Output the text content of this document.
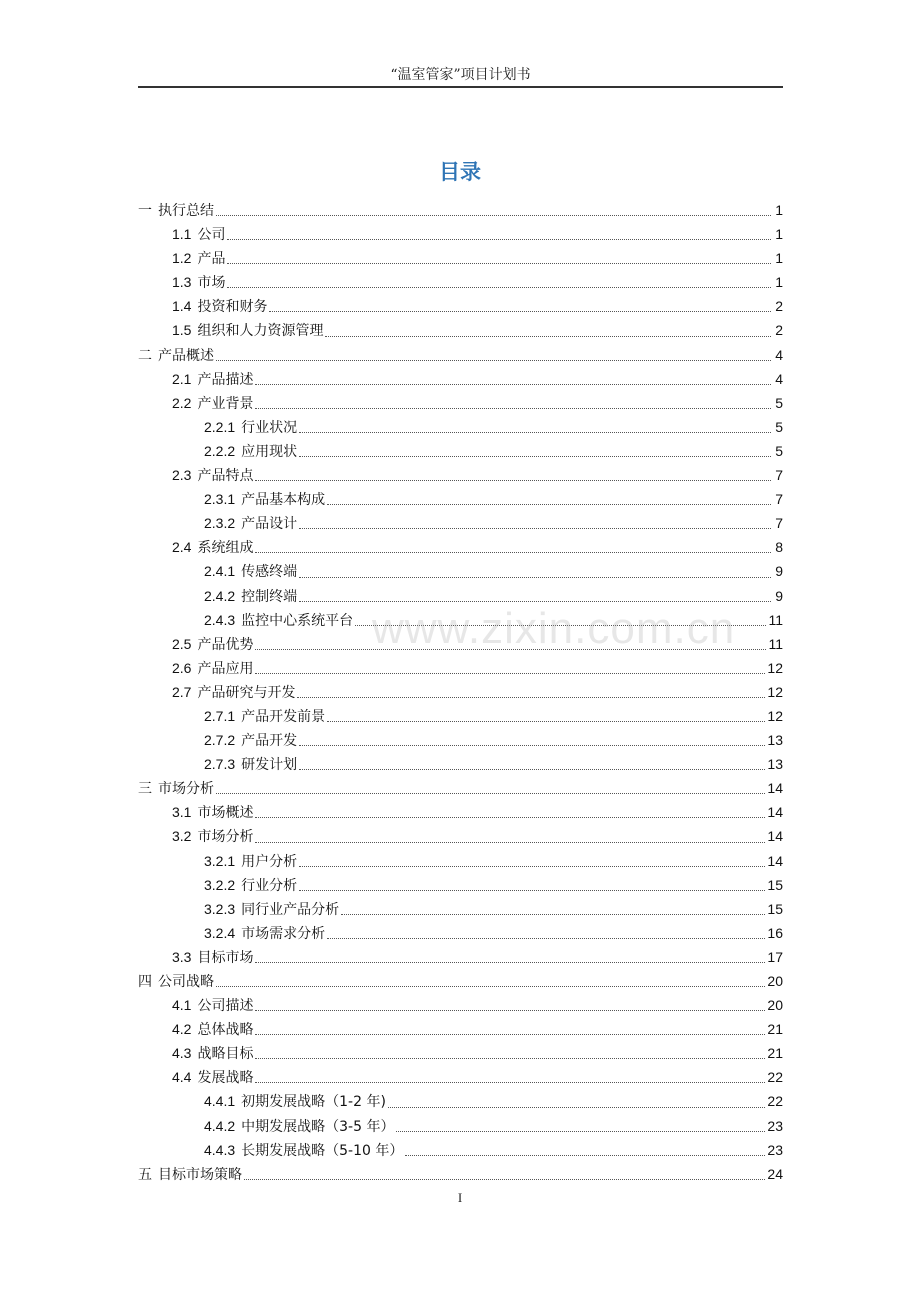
“温室管家”项目计划书
目录
一 执行总结	1
1.1 公司	1
1.2 产品	1
1.3 市场	1
1.4 投资和财务	2
1.5 组织和人力资源管理	2
二 产品概述	4
2.1 产品描述	4
2.2 产业背景	5
2.2.1 行业状况	5
2.2.2 应用现状	5
2.3 产品特点	7
2.3.1 产品基本构成	7
2.3.2 产品设计	7
2.4 系统组成	8
2.4.1 传感终端	9
2.4.2 控制终端	9
2.4.3 监控中心系统平台	11
2.5 产品优势	11
2.6 产品应用	12
2.7 产品研究与开发	12
2.7.1 产品开发前景	12
2.7.2 产品开发	13
2.7.3 研发计划	13
三 市场分析	14
3.1 市场概述	14
3.2 市场分析	14
3.2.1 用户分析	14
3.2.2 行业分析	15
3.2.3 同行业产品分析	15
3.2.4 市场需求分析	16
3.3 目标市场	17
四 公司战略	20
4.1 公司描述	20
4.2 总体战略	21
4.3 战略目标	21
4.4 发展战略	22
4.4.1 初期发展战略（1-2 年)	22
4.4.2 中期发展战略（3-5 年）	23
4.4.3 长期发展战略（5-10 年）	23
五 目标市场策略	24
www.zixin.com.cn
I
